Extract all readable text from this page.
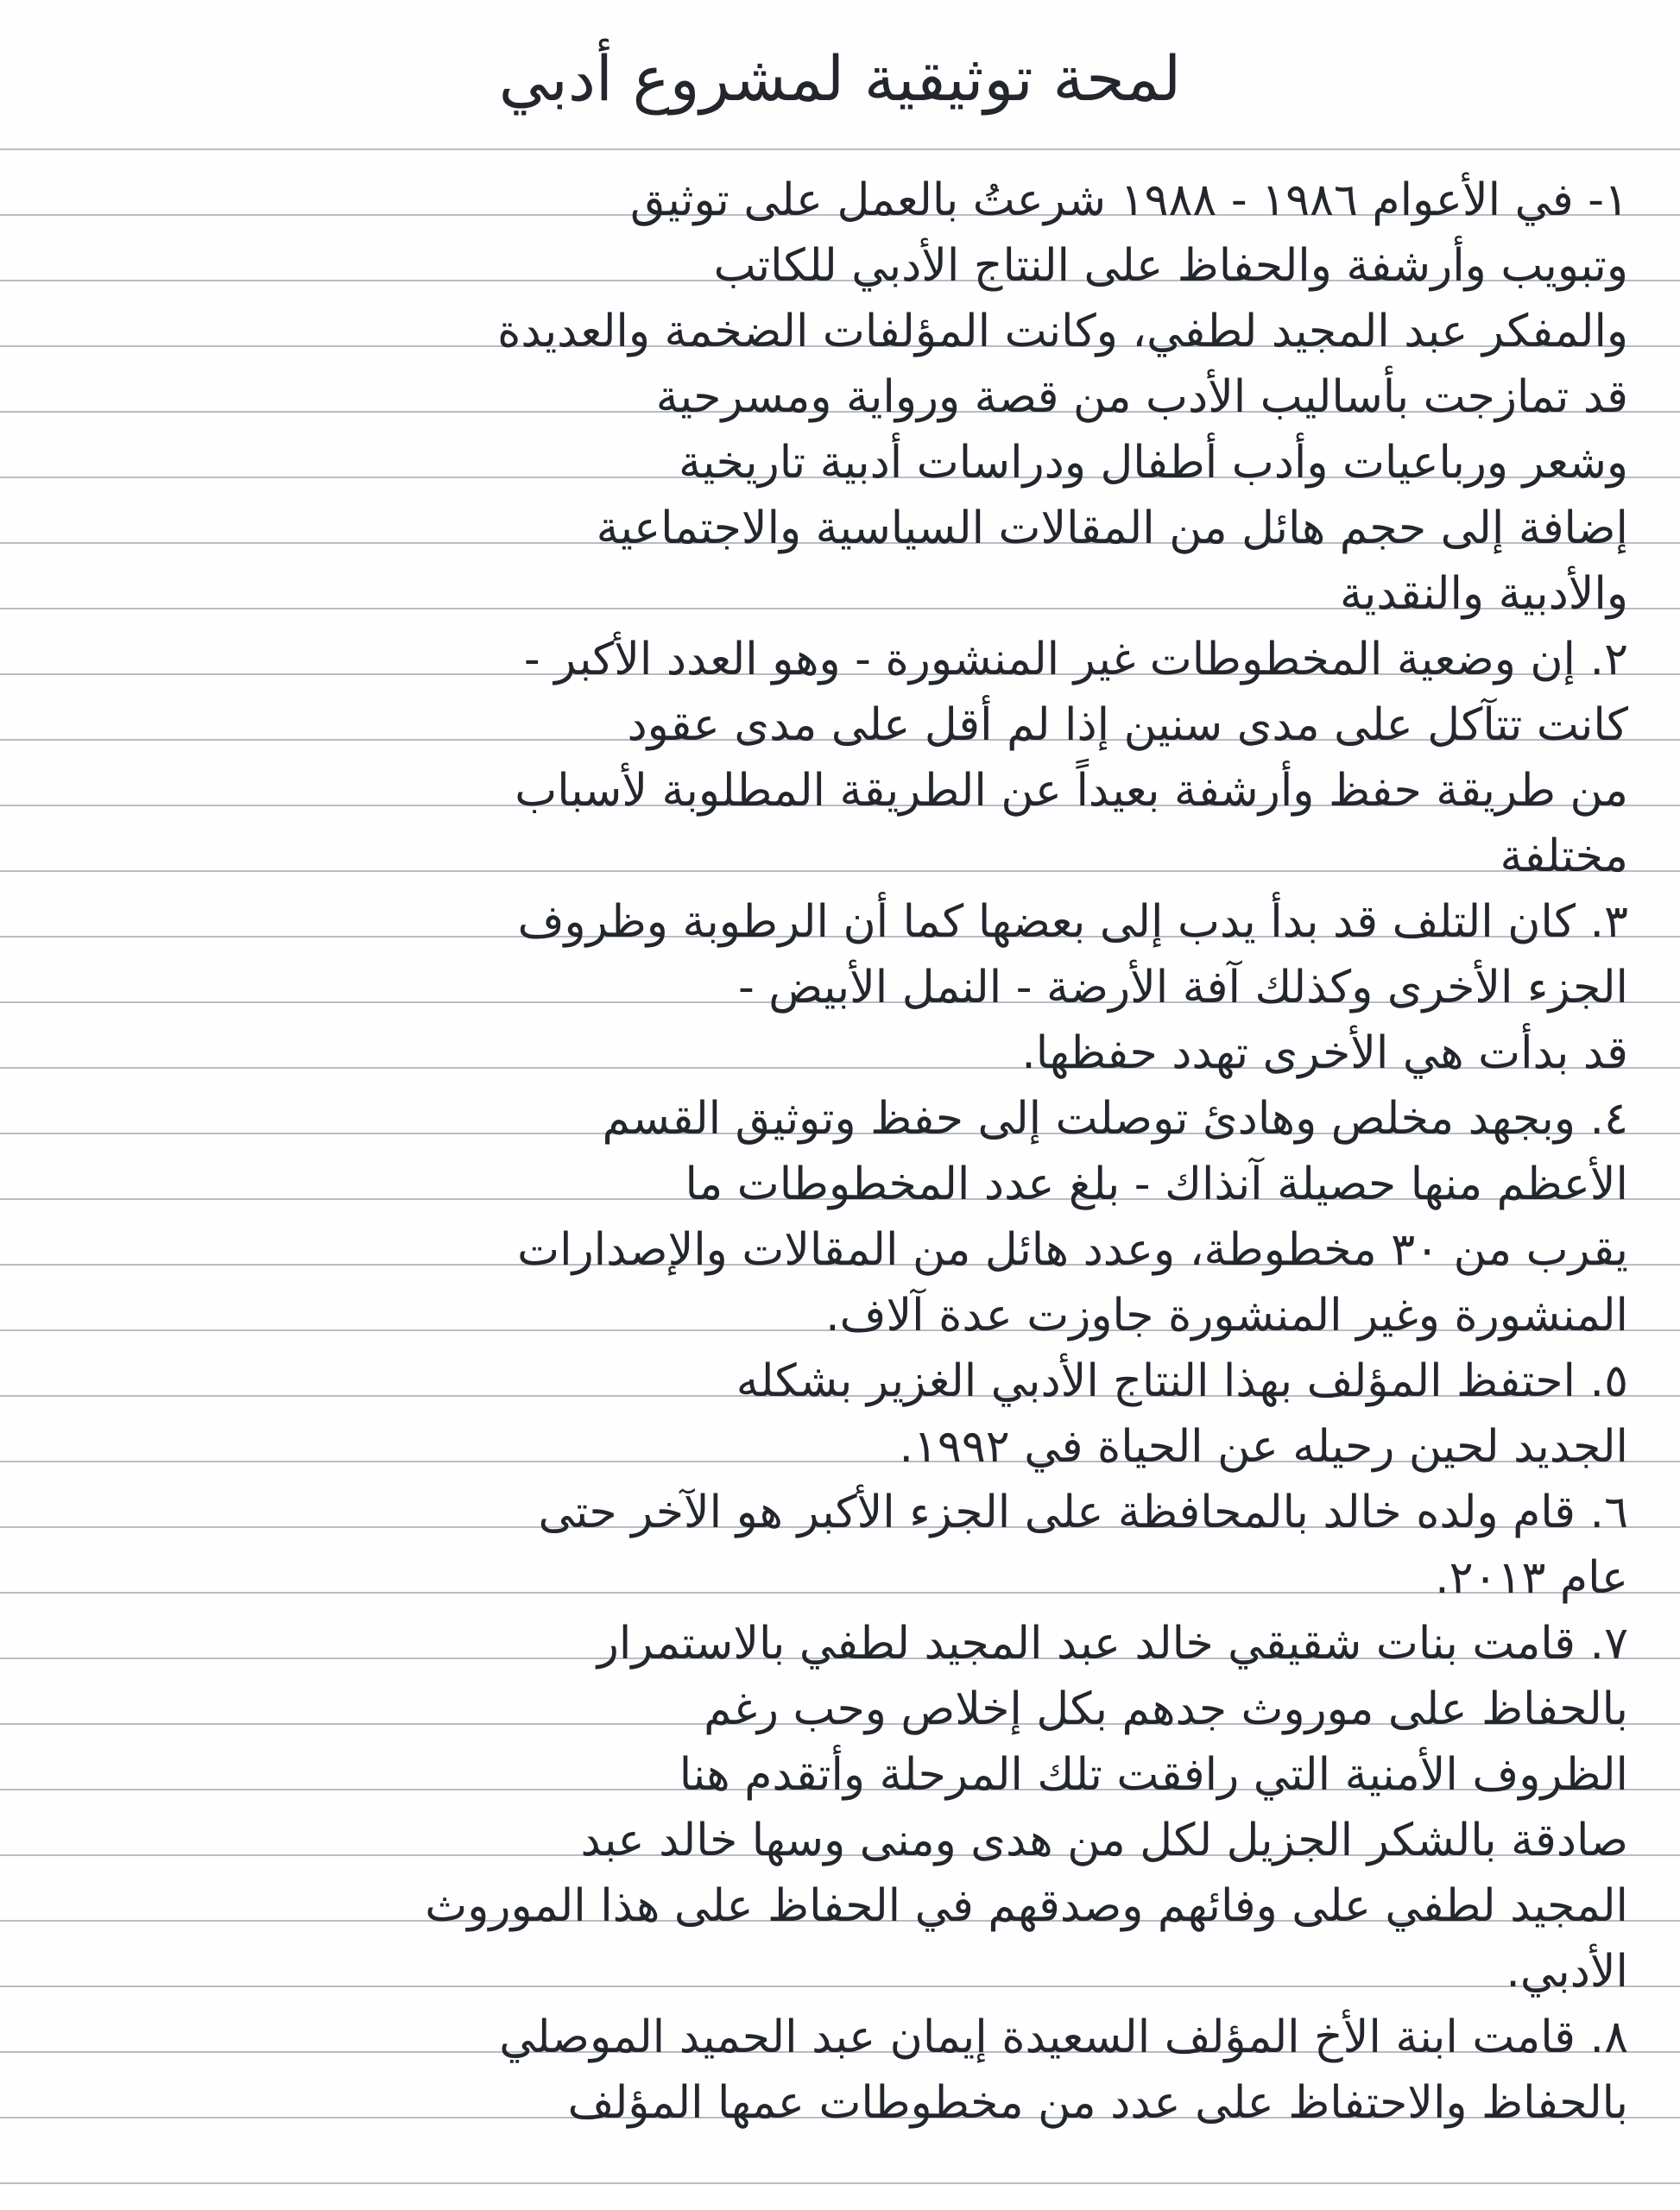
لمحة توثيقية لمشروع أدبي
١- في الأعوام ١٩٨٦ - ١٩٨٨ شرعتُ بالعمل على توثيق
وتبويب وأرشفة والحفاظ على النتاج الأدبي للكاتب
والمفكر عبد المجيد لطفي، وكانت المؤلفات الضخمة والعديدة
قد تمازجت بأساليب الأدب من قصة ورواية ومسرحية
وشعر ورباعيات وأدب أطفال ودراسات أدبية تاريخية
إضافة إلى حجم هائل من المقالات السياسية والاجتماعية
والأدبية والنقدية
٢. إن وضعية المخطوطات غير المنشورة - وهو العدد الأكبر -
كانت تتآكل على مدى سنين إذا لم أقل على مدى عقود
من طريقة حفظ وأرشفة بعيداً عن الطريقة المطلوبة لأسباب
مختلفة
٣. كان التلف قد بدأ يدب إلى بعضها كما أن الرطوبة وظروف
الجزء الأخرى وكذلك آفة الأرضة - النمل الأبيض -
قد بدأت هي الأخرى تهدد حفظها.
٤. وبجهد مخلص وهادئ توصلت إلى حفظ وتوثيق القسم
الأعظم منها حصيلة آنذاك - بلغ عدد المخطوطات ما
يقرب من ٣٠ مخطوطة، وعدد هائل من المقالات والإصدارات
المنشورة وغير المنشورة جاوزت عدة آلاف.
٥. احتفظ المؤلف بهذا النتاج الأدبي الغزير بشكله
الجديد لحين رحيله عن الحياة في ١٩٩٢.
٦. قام ولده خالد بالمحافظة على الجزء الأكبر هو الآخر حتى
عام ٢٠١٣.
٧. قامت بنات شقيقي خالد عبد المجيد لطفي بالاستمرار
بالحفاظ على موروث جدهم بكل إخلاص وحب رغم
الظروف الأمنية التي رافقت تلك المرحلة وأتقدم هنا
صادقة بالشكر الجزيل لكل من هدى ومنى وسها خالد عبد
المجيد لطفي على وفائهم وصدقهم في الحفاظ على هذا الموروث
الأدبي.
٨. قامت ابنة الأخ المؤلف السعيدة إيمان عبد الحميد الموصلي
بالحفاظ والاحتفاظ على عدد من مخطوطات عمها المؤلف
